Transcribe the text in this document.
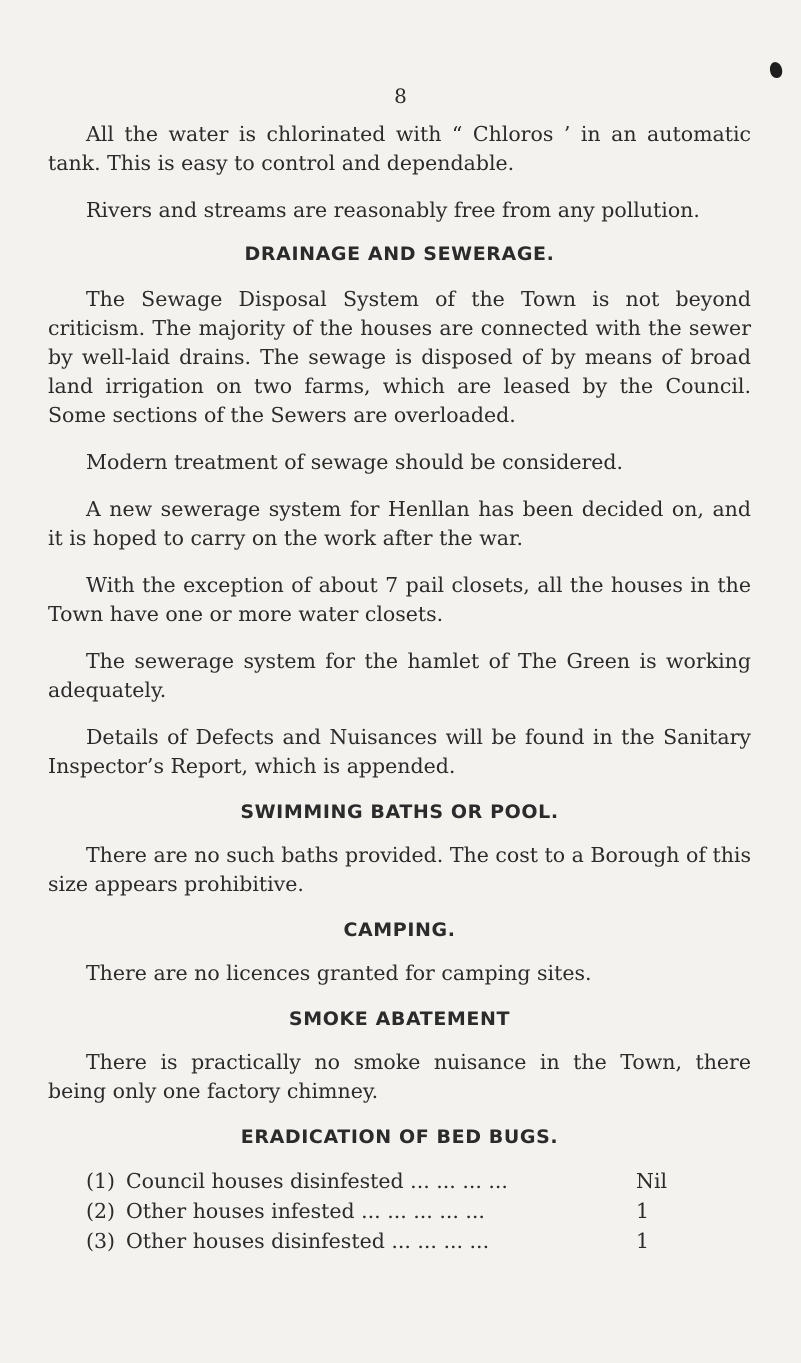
8

All the water is chlorinated with “ Chloros ’ in an automatic tank. This is easy to control and dependable.

Rivers and streams are reasonably free from any pollution.

DRAINAGE AND SEWERAGE.

The Sewage Disposal System of the Town is not beyond criticism. The majority of the houses are connected with the sewer by well-laid drains. The sewage is disposed of by means of broad land irrigation on two farms, which are leased by the Council. Some sections of the Sewers are overloaded.

Modern treatment of sewage should be considered.

A new sewerage system for Henllan has been decided on, and it is hoped to carry on the work after the war.

With the exception of about 7 pail closets, all the houses in the Town have one or more water closets.

The sewerage system for the hamlet of The Green is working adequately.

Details of Defects and Nuisances will be found in the Sanitary Inspector’s Report, which is appended.

SWIMMING BATHS OR POOL.

There are no such baths provided. The cost to a Borough of this size appears prohibitive.

CAMPING.

There are no licences granted for camping sites.

SMOKE ABATEMENT

There is practically no smoke nuisance in the Town, there being only one factory chimney.

ERADICATION OF BED BUGS.
(1) Council houses disinfested ... ... ... ...	Nil
(2) Other houses infested ... ... ... ... ...	1
(3) Other houses disinfested ... ... ... ...	1
